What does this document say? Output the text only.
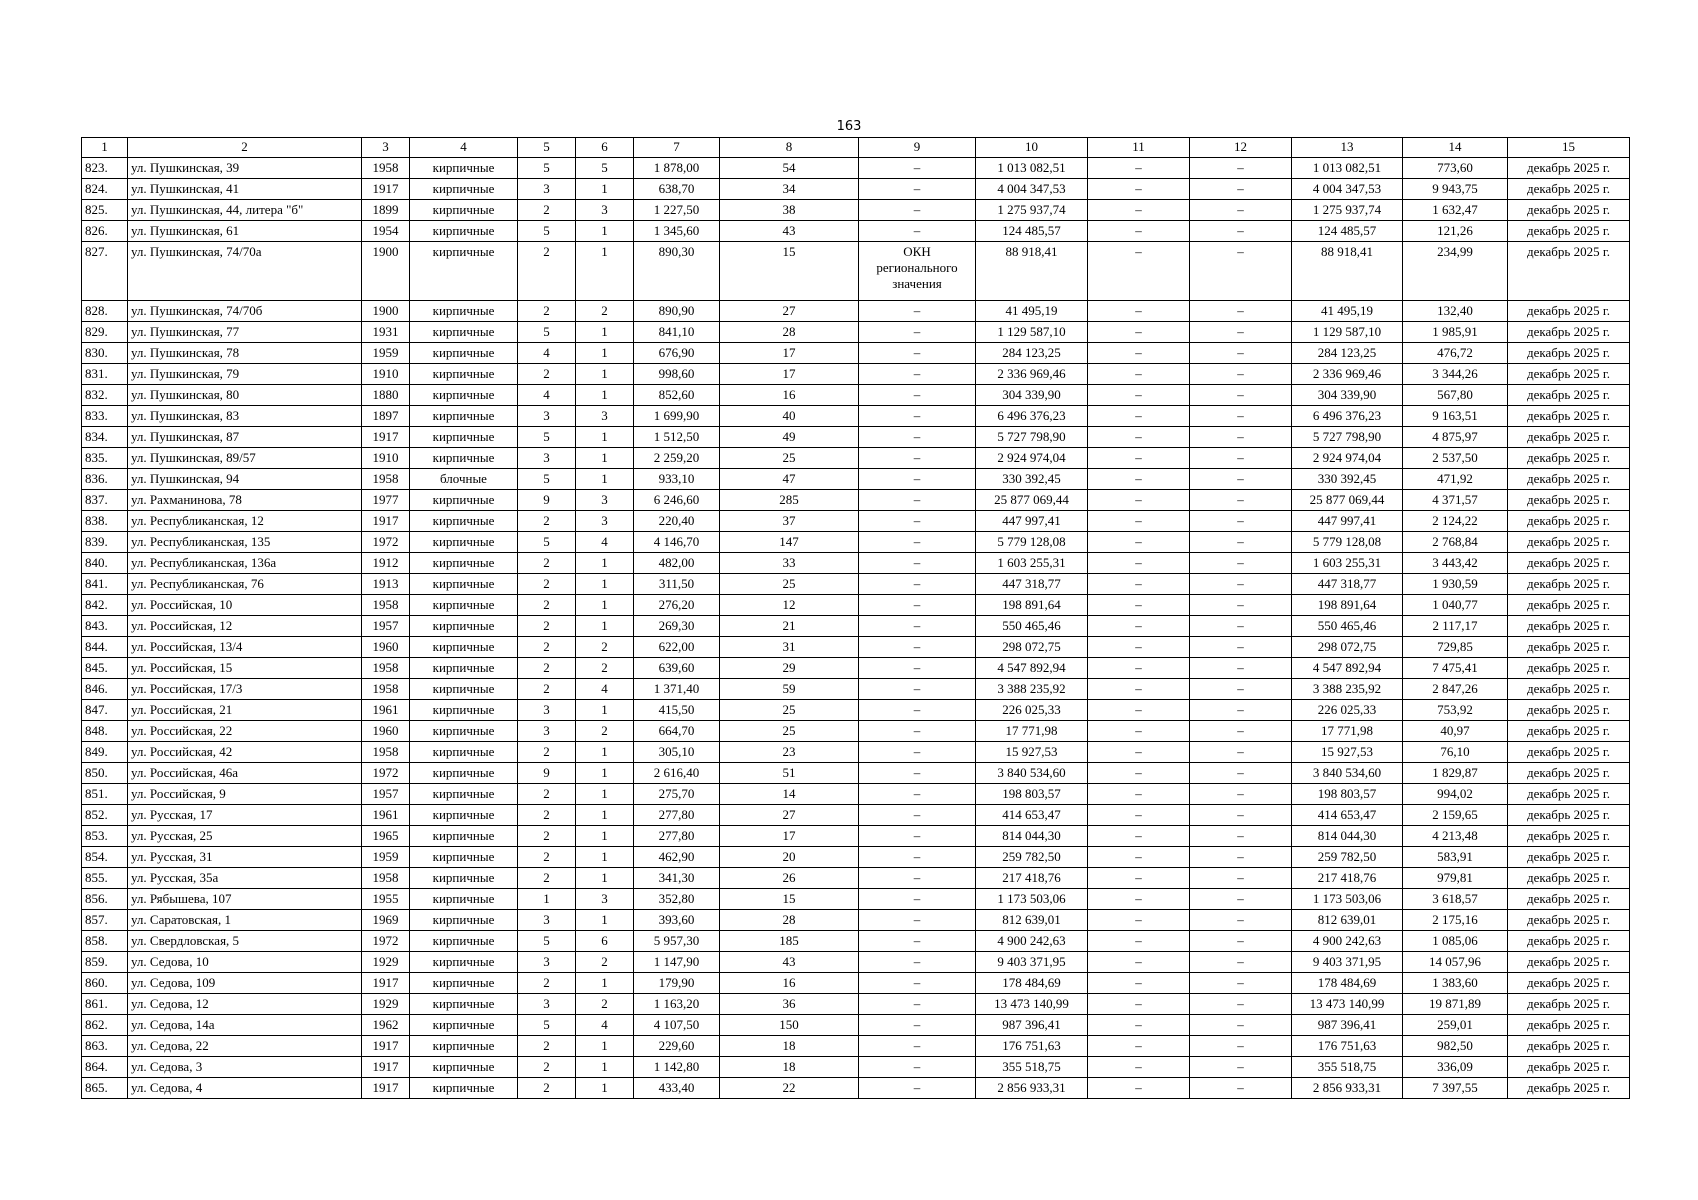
163
1	2	3	4	5	6	7	8	9	10	11	12	13	14	15
823.	ул. Пушкинская, 39	1958	кирпичные	5	5	1 878,00	54	–	1 013 082,51	–	–	1 013 082,51	773,60	декабрь 2025 г.
824.	ул. Пушкинская, 41	1917	кирпичные	3	1	638,70	34	–	4 004 347,53	–	–	4 004 347,53	9 943,75	декабрь 2025 г.
825.	ул. Пушкинская, 44, литера "б"	1899	кирпичные	2	3	1 227,50	38	–	1 275 937,74	–	–	1 275 937,74	1 632,47	декабрь 2025 г.
826.	ул. Пушкинская, 61	1954	кирпичные	5	1	1 345,60	43	–	124 485,57	–	–	124 485,57	121,26	декабрь 2025 г.
827.	ул. Пушкинская, 74/70а	1900	кирпичные	2	1	890,30	15	ОКН регионального значения	88 918,41	–	–	88 918,41	234,99	декабрь 2025 г.
828.	ул. Пушкинская, 74/70б	1900	кирпичные	2	2	890,90	27	–	41 495,19	–	–	41 495,19	132,40	декабрь 2025 г.
829.	ул. Пушкинская, 77	1931	кирпичные	5	1	841,10	28	–	1 129 587,10	–	–	1 129 587,10	1 985,91	декабрь 2025 г.
830.	ул. Пушкинская, 78	1959	кирпичные	4	1	676,90	17	–	284 123,25	–	–	284 123,25	476,72	декабрь 2025 г.
831.	ул. Пушкинская, 79	1910	кирпичные	2	1	998,60	17	–	2 336 969,46	–	–	2 336 969,46	3 344,26	декабрь 2025 г.
832.	ул. Пушкинская, 80	1880	кирпичные	4	1	852,60	16	–	304 339,90	–	–	304 339,90	567,80	декабрь 2025 г.
833.	ул. Пушкинская, 83	1897	кирпичные	3	3	1 699,90	40	–	6 496 376,23	–	–	6 496 376,23	9 163,51	декабрь 2025 г.
834.	ул. Пушкинская, 87	1917	кирпичные	5	1	1 512,50	49	–	5 727 798,90	–	–	5 727 798,90	4 875,97	декабрь 2025 г.
835.	ул. Пушкинская, 89/57	1910	кирпичные	3	1	2 259,20	25	–	2 924 974,04	–	–	2 924 974,04	2 537,50	декабрь 2025 г.
836.	ул. Пушкинская, 94	1958	блочные	5	1	933,10	47	–	330 392,45	–	–	330 392,45	471,92	декабрь 2025 г.
837.	ул. Рахманинова, 78	1977	кирпичные	9	3	6 246,60	285	–	25 877 069,44	–	–	25 877 069,44	4 371,57	декабрь 2025 г.
838.	ул. Республиканская, 12	1917	кирпичные	2	3	220,40	37	–	447 997,41	–	–	447 997,41	2 124,22	декабрь 2025 г.
839.	ул. Республиканская, 135	1972	кирпичные	5	4	4 146,70	147	–	5 779 128,08	–	–	5 779 128,08	2 768,84	декабрь 2025 г.
840.	ул. Республиканская, 136а	1912	кирпичные	2	1	482,00	33	–	1 603 255,31	–	–	1 603 255,31	3 443,42	декабрь 2025 г.
841.	ул. Республиканская, 76	1913	кирпичные	2	1	311,50	25	–	447 318,77	–	–	447 318,77	1 930,59	декабрь 2025 г.
842.	ул. Российская, 10	1958	кирпичные	2	1	276,20	12	–	198 891,64	–	–	198 891,64	1 040,77	декабрь 2025 г.
843.	ул. Российская, 12	1957	кирпичные	2	1	269,30	21	–	550 465,46	–	–	550 465,46	2 117,17	декабрь 2025 г.
844.	ул. Российская, 13/4	1960	кирпичные	2	2	622,00	31	–	298 072,75	–	–	298 072,75	729,85	декабрь 2025 г.
845.	ул. Российская, 15	1958	кирпичные	2	2	639,60	29	–	4 547 892,94	–	–	4 547 892,94	7 475,41	декабрь 2025 г.
846.	ул. Российская, 17/3	1958	кирпичные	2	4	1 371,40	59	–	3 388 235,92	–	–	3 388 235,92	2 847,26	декабрь 2025 г.
847.	ул. Российская, 21	1961	кирпичные	3	1	415,50	25	–	226 025,33	–	–	226 025,33	753,92	декабрь 2025 г.
848.	ул. Российская, 22	1960	кирпичные	3	2	664,70	25	–	17 771,98	–	–	17 771,98	40,97	декабрь 2025 г.
849.	ул. Российская, 42	1958	кирпичные	2	1	305,10	23	–	15 927,53	–	–	15 927,53	76,10	декабрь 2025 г.
850.	ул. Российская, 46а	1972	кирпичные	9	1	2 616,40	51	–	3 840 534,60	–	–	3 840 534,60	1 829,87	декабрь 2025 г.
851.	ул. Российская, 9	1957	кирпичные	2	1	275,70	14	–	198 803,57	–	–	198 803,57	994,02	декабрь 2025 г.
852.	ул. Русская, 17	1961	кирпичные	2	1	277,80	27	–	414 653,47	–	–	414 653,47	2 159,65	декабрь 2025 г.
853.	ул. Русская, 25	1965	кирпичные	2	1	277,80	17	–	814 044,30	–	–	814 044,30	4 213,48	декабрь 2025 г.
854.	ул. Русская, 31	1959	кирпичные	2	1	462,90	20	–	259 782,50	–	–	259 782,50	583,91	декабрь 2025 г.
855.	ул. Русская, 35а	1958	кирпичные	2	1	341,30	26	–	217 418,76	–	–	217 418,76	979,81	декабрь 2025 г.
856.	ул. Рябышева, 107	1955	кирпичные	1	3	352,80	15	–	1 173 503,06	–	–	1 173 503,06	3 618,57	декабрь 2025 г.
857.	ул. Саратовская, 1	1969	кирпичные	3	1	393,60	28	–	812 639,01	–	–	812 639,01	2 175,16	декабрь 2025 г.
858.	ул. Свердловская, 5	1972	кирпичные	5	6	5 957,30	185	–	4 900 242,63	–	–	4 900 242,63	1 085,06	декабрь 2025 г.
859.	ул. Седова, 10	1929	кирпичные	3	2	1 147,90	43	–	9 403 371,95	–	–	9 403 371,95	14 057,96	декабрь 2025 г.
860.	ул. Седова, 109	1917	кирпичные	2	1	179,90	16	–	178 484,69	–	–	178 484,69	1 383,60	декабрь 2025 г.
861.	ул. Седова, 12	1929	кирпичные	3	2	1 163,20	36	–	13 473 140,99	–	–	13 473 140,99	19 871,89	декабрь 2025 г.
862.	ул. Седова, 14а	1962	кирпичные	5	4	4 107,50	150	–	987 396,41	–	–	987 396,41	259,01	декабрь 2025 г.
863.	ул. Седова, 22	1917	кирпичные	2	1	229,60	18	–	176 751,63	–	–	176 751,63	982,50	декабрь 2025 г.
864.	ул. Седова, 3	1917	кирпичные	2	1	1 142,80	18	–	355 518,75	–	–	355 518,75	336,09	декабрь 2025 г.
865.	ул. Седова, 4	1917	кирпичные	2	1	433,40	22	–	2 856 933,31	–	–	2 856 933,31	7 397,55	декабрь 2025 г.
